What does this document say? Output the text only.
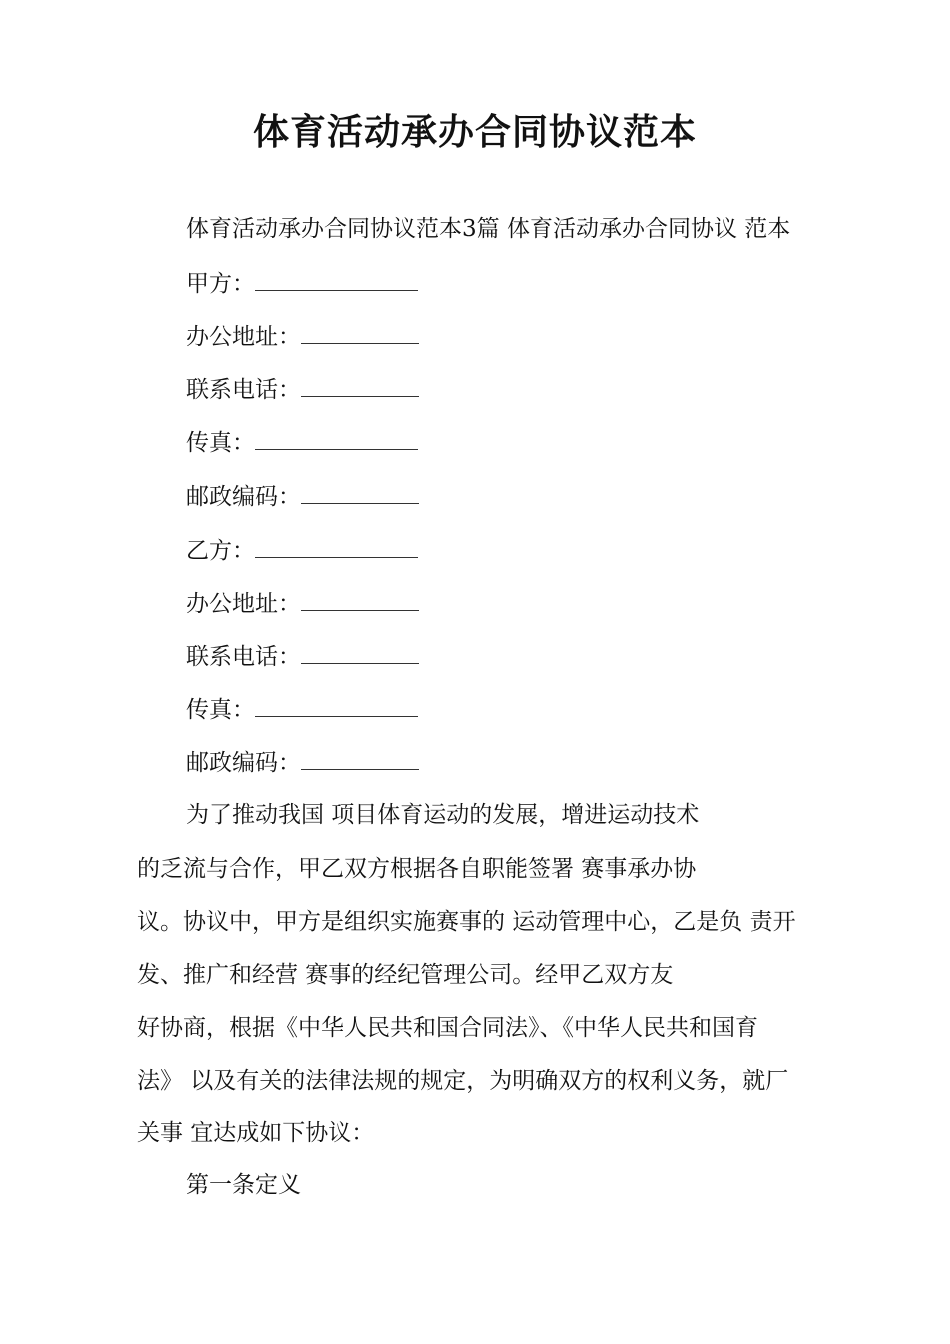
体育活动承办合同协议范本
体育活动承办合同协议范本3篇 体育活动承办合同协议 范本
甲方：
办公地址：
联系电话：
传真：
邮政编码：
乙方：
办公地址：
联系电话：
传真：
邮政编码：
为了推动我国 项目体育运动的发展，增进运动技术
的乏流与合作，甲乙双方根据各自职能签署 赛事承办协
议。协议中，甲方是组织实施赛事的 运动管理中心，乙是负 责开
发、推广和经营 赛事的经纪管理公司。经甲乙双方友
好协商，根据《中华人民共和国合同法》、《中华人民共和国育
法》 以及有关的法律法规的规定，为明确双方的权利义务，就厂
关事 宜达成如下协议：
第一条定义
